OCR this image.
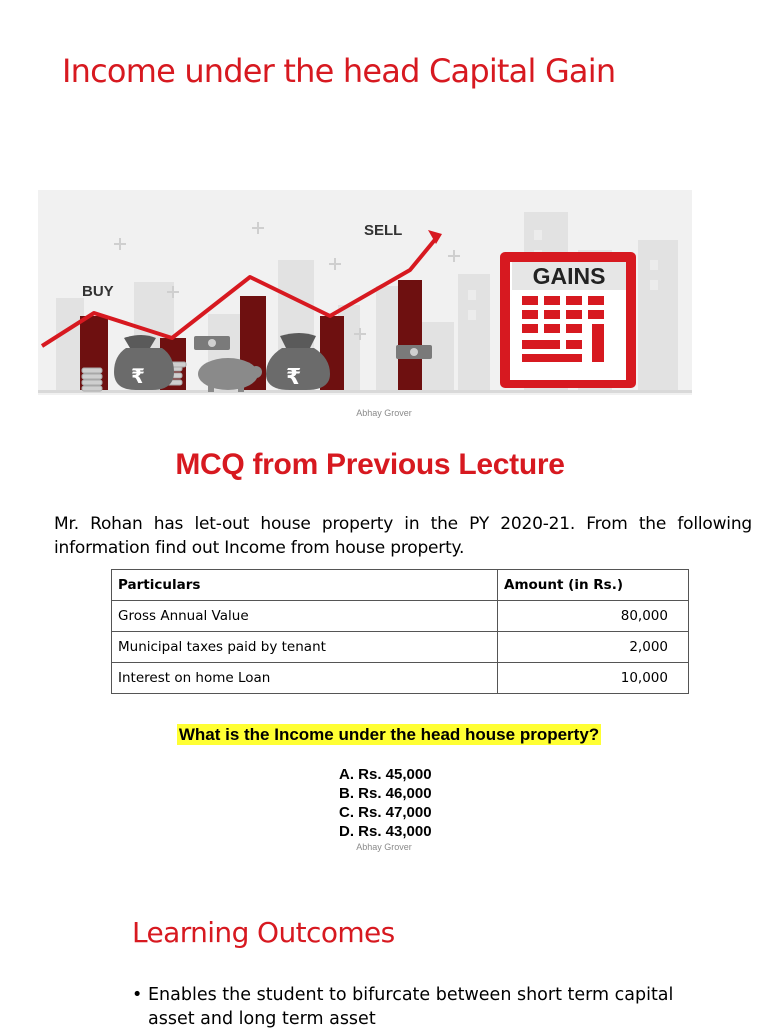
Income under the head Capital Gain
BUY
SELL
₹	₹
GAINS

Abhay Grover

MCQ from Previous Lecture

Mr. Rohan has let-out house property in the PY 2020-21. From the following information find out Income from house property.

Particulars	Amount (in Rs.)
Gross Annual Value	80,000
Municipal taxes paid by tenant	2,000
Interest on home Loan	10,000

What is the Income under the head house property?

A. Rs. 45,000
B. Rs. 46,000
C. Rs. 47,000
D. Rs. 43,000

Abhay Grover

Learning Outcomes
• Enables the student to bifurcate between short term capital asset and long term asset
